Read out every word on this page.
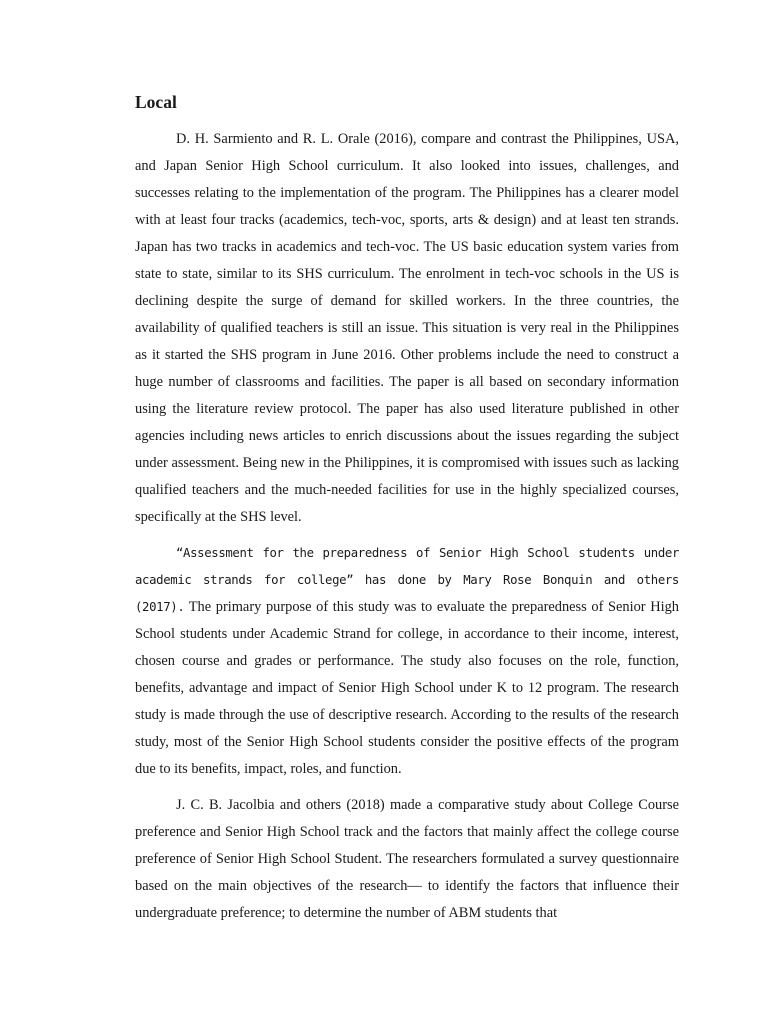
Local

D. H. Sarmiento and R. L. Orale (2016), compare and contrast the Philippines, USA, and Japan Senior High School curriculum. It also looked into issues, challenges, and successes relating to the implementation of the program. The Philippines has a clearer model with at least four tracks (academics, tech-voc, sports, arts & design) and at least ten strands. Japan has two tracks in academics and tech-voc. The US basic education system varies from state to state, similar to its SHS curriculum. The enrolment in tech-voc schools in the US is declining despite the surge of demand for skilled workers. In the three countries, the availability of qualified teachers is still an issue. This situation is very real in the Philippines as it started the SHS program in June 2016. Other problems include the need to construct a huge number of classrooms and facilities. The paper is all based on secondary information using the literature review protocol. The paper has also used literature published in other agencies including news articles to enrich discussions about the issues regarding the subject under assessment. Being new in the Philippines, it is compromised with issues such as lacking qualified teachers and the much-needed facilities for use in the highly specialized courses, specifically at the SHS level.

“Assessment for the preparedness of Senior High School students under academic strands for college” has done by Mary Rose Bonquin and others (2017). The primary purpose of this study was to evaluate the preparedness of Senior High School students under Academic Strand for college, in accordance to their income, interest, chosen course and grades or performance. The study also focuses on the role, function, benefits, advantage and impact of Senior High School under K to 12 program. The research study is made through the use of descriptive research. According to the results of the research study, most of the Senior High School students consider the positive effects of the program due to its benefits, impact, roles, and function.

J. C. B. Jacolbia and others (2018) made a comparative study about College Course preference and Senior High School track and the factors that mainly affect the college course preference of Senior High School Student. The researchers formulated a survey questionnaire based on the main objectives of the research— to identify the factors that influence their undergraduate preference; to determine the number of ABM students that
